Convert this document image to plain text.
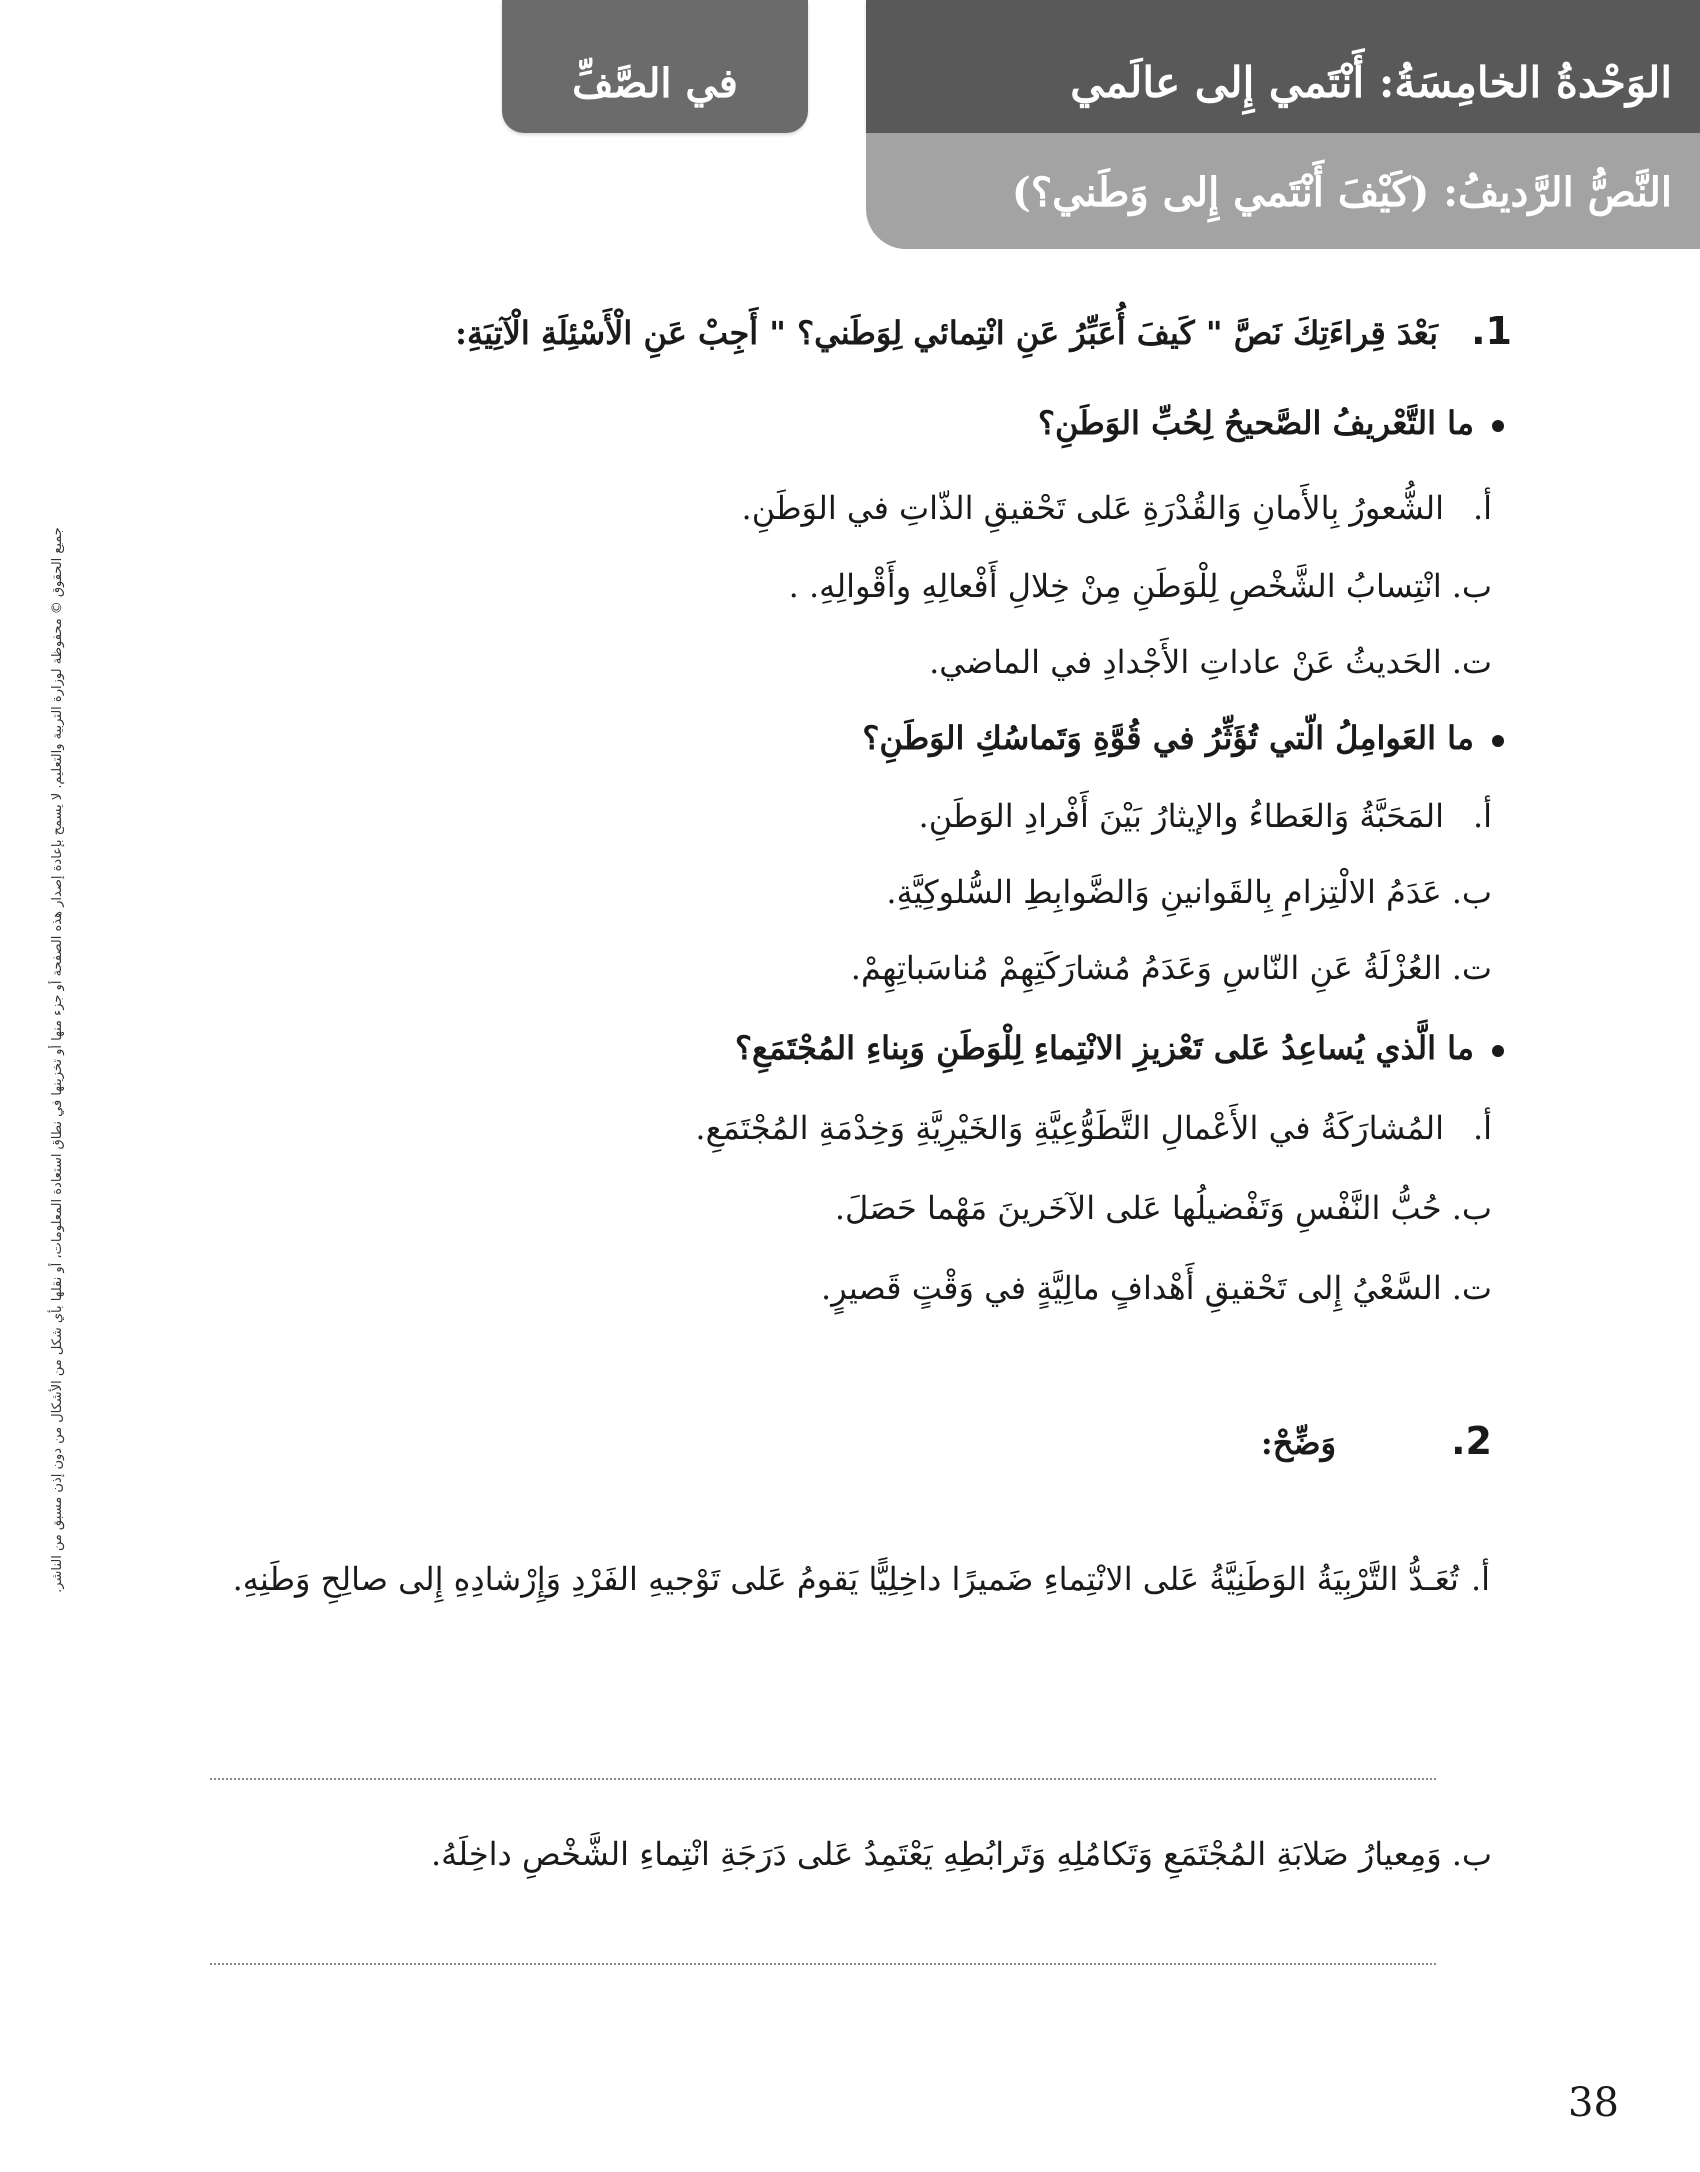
في الصَّفِّ	الوَحْدةُ الخامِسَةُ: أَنْتَمي إِلى عالَمي
النَّصُّ الرَّديفُ: (كَيْفَ أَنْتَمي إِلى وَطَني؟)
جميع الحقوق © محفوظة لوزارة التربية والتعليم. لا يسمح بإعادة إصدار هذه الصفحة أو جزء منها أو تخزينها في نطاق استعادة المعلومات، أو نقلها بأي شكل من الأشكال من دون إذن مسبق من الناشر.
.1 بَعْدَ قِراءَتِكَ نَصَّ " كَيفَ أُعَبِّرُ عَنِ انْتِمائي لِوَطَني؟ " أَجِبْ عَنِ الْأَسْئِلَةِ الْآتِيَةِ:
ما التَّعْريفُ الصَّحيحُ لِحُبِّ الوَطَنِ؟
أ.الشُّعورُ بِالأَمانِ وَالقُدْرَةِ عَلى تَحْقيقِ الذّاتِ في الوَطَنِ.
ب.انْتِسابُ الشَّخْصِ لِلْوَطَنِ مِنْ خِلالِ أَفْعالِهِ وأَقْوالِهِ. .
ت.الحَديثُ عَنْ عاداتِ الأَجْدادِ في الماضي.
ما العَوامِلُ الّتي تُؤَثِّرُ في قُوَّةِ وَتَماسُكِ الوَطَنِ؟
أ.المَحَبَّةُ وَالعَطاءُ والإيثارُ بَيْنَ أَفْرادِ الوَطَنِ.
ب.عَدَمُ الالْتِزامِ بِالقَوانينِ وَالضَّوابِطِ السُّلوكِيَّةِ.
ت.العُزْلَةُ عَنِ النّاسِ وَعَدَمُ مُشارَكَتِهِمْ مُناسَباتِهِمْ.
ما الَّذي يُساعِدُ عَلى تَعْزيزِ الانْتِماءِ لِلْوَطَنِ وَبِناءِ المُجْتَمَعِ؟
أ.المُشارَكَةُ في الأَعْمالِ التَّطَوُّعِيَّةِ وَالخَيْرِيَّةِ وَخِدْمَةِ المُجْتَمَعِ.
ب.حُبُّ النَّفْسِ وَتَفْضيلُها عَلى الآخَرينَ مَهْما حَصَلَ.
ت.السَّعْيُ إِلى تَحْقيقِ أَهْدافٍ مالِيَّةٍ في وَقْتٍ قَصيرٍ.
.2 وَضِّحْ:
أ.تُعَـدُّ التَّرْبِيَةُ الوَطَنِيَّةُ عَلى الانْتِماءِ ضَميرًا داخِلِيًّا يَقومُ عَلى تَوْجيهِ الفَرْدِ وَإِرْشادِهِ إِلى صالِحِ وَطَنِهِ.
ب.وَمِعيارُ صَلابَةِ المُجْتَمَعِ وَتَكامُلِهِ وَتَرابُطِهِ يَعْتَمِدُ عَلى دَرَجَةِ انْتِماءِ الشَّخْصِ داخِلَهُ.
38
